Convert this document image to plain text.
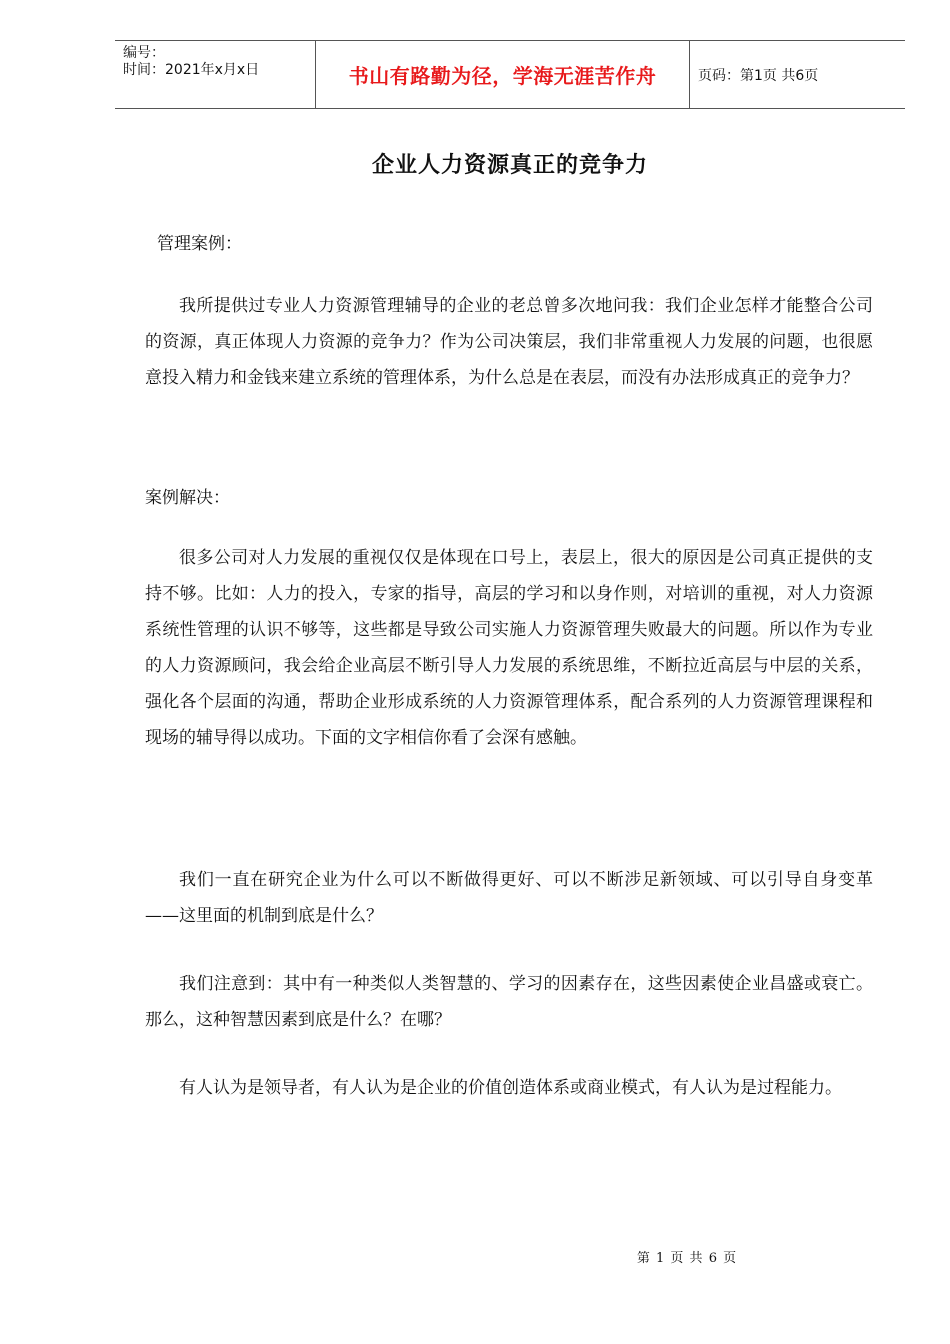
编号：
时间：2021年x月x日	书山有路勤为径，学海无涯苦作舟	页码：第1页 共6页
企业人力资源真正的竞争力

管理案例：

我所提供过专业人力资源管理辅导的企业的老总曾多次地问我：我们企业怎样才能整合公司的资源，真正体现人力资源的竞争力？作为公司决策层，我们非常重视人力发展的问题，也很愿意投入精力和金钱来建立系统的管理体系，为什么总是在表层，而没有办法形成真正的竞争力？

案例解决：

很多公司对人力发展的重视仅仅是体现在口号上，表层上，很大的原因是公司真正提供的支持不够。比如：人力的投入，专家的指导，高层的学习和以身作则，对培训的重视，对人力资源系统性管理的认识不够等，这些都是导致公司实施人力资源管理失败最大的问题。所以作为专业的人力资源顾问，我会给企业高层不断引导人力发展的系统思维，不断拉近高层与中层的关系，强化各个层面的沟通，帮助企业形成系统的人力资源管理体系，配合系列的人力资源管理课程和现场的辅导得以成功。下面的文字相信你看了会深有感触。

我们一直在研究企业为什么可以不断做得更好、可以不断涉足新领域、可以引导自身变革——这里面的机制到底是什么？

我们注意到：其中有一种类似人类智慧的、学习的因素存在，这些因素使企业昌盛或衰亡。那么，这种智慧因素到底是什么？在哪？

有人认为是领导者，有人认为是企业的价值创造体系或商业模式，有人认为是过程能力。

第 1 页 共 6 页
